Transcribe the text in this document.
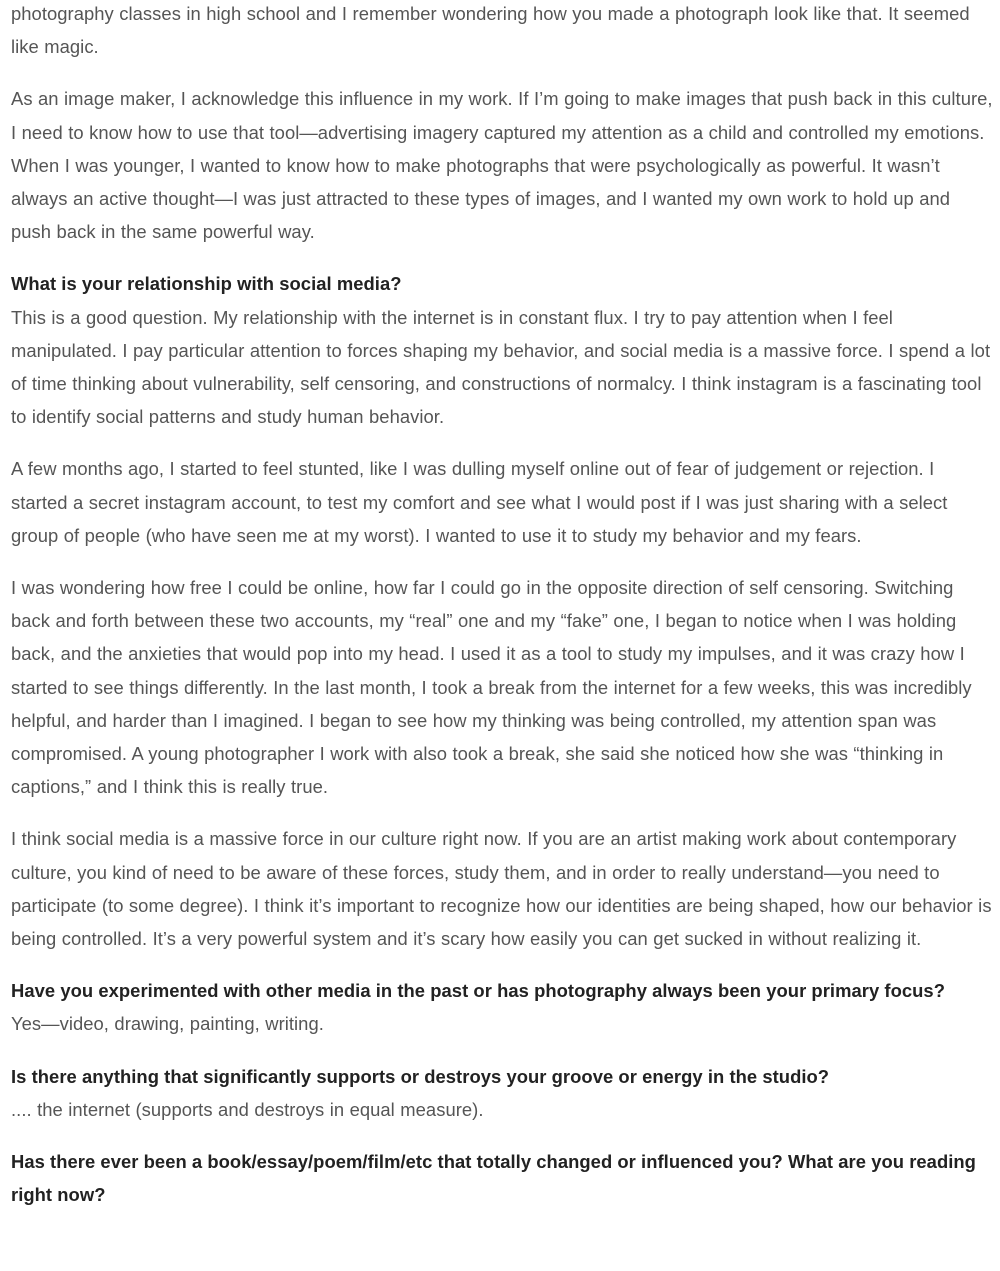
photography classes in high school and I remember wondering how you made a photograph look like that. It seemed like magic.

As an image maker, I acknowledge this influence in my work. If I’m going to make images that push back in this culture, I need to know how to use that tool—advertising imagery captured my attention as a child and controlled my emotions. When I was younger, I wanted to know how to make photographs that were psychologically as powerful. It wasn’t always an active thought—I was just attracted to these types of images, and I wanted my own work to hold up and push back in the same powerful way.

What is your relationship with social media?

This is a good question. My relationship with the internet is in constant flux. I try to pay attention when I feel manipulated. I pay particular attention to forces shaping my behavior, and social media is a massive force. I spend a lot of time thinking about vulnerability, self censoring, and constructions of normalcy. I think instagram is a fascinating tool to identify social patterns and study human behavior.

A few months ago, I started to feel stunted, like I was dulling myself online out of fear of judgement or rejection. I started a secret instagram account, to test my comfort and see what I would post if I was just sharing with a select group of people (who have seen me at my worst). I wanted to use it to study my behavior and my fears.

I was wondering how free I could be online, how far I could go in the opposite direction of self censoring. Switching back and forth between these two accounts, my “real” one and my “fake” one, I began to notice when I was holding back, and the anxieties that would pop into my head. I used it as a tool to study my impulses, and it was crazy how I started to see things differently. In the last month, I took a break from the internet for a few weeks, this was incredibly helpful, and harder than I imagined. I began to see how my thinking was being controlled, my attention span was compromised. A young photographer I work with also took a break, she said she noticed how she was “thinking in captions,” and I think this is really true.

I think social media is a massive force in our culture right now. If you are an artist making work about contemporary culture, you kind of need to be aware of these forces, study them, and in order to really understand—you need to participate (to some degree). I think it’s important to recognize how our identities are being shaped, how our behavior is being controlled. It’s a very powerful system and it’s scary how easily you can get sucked in without realizing it.

Have you experimented with other media in the past or has photography always been your primary focus?

Yes—video, drawing, painting, writing.

Is there anything that significantly supports or destroys your groove or energy in the studio?

.... the internet (supports and destroys in equal measure).

Has there ever been a book/essay/poem/film/etc that totally changed or influenced you? What are you reading right now?
